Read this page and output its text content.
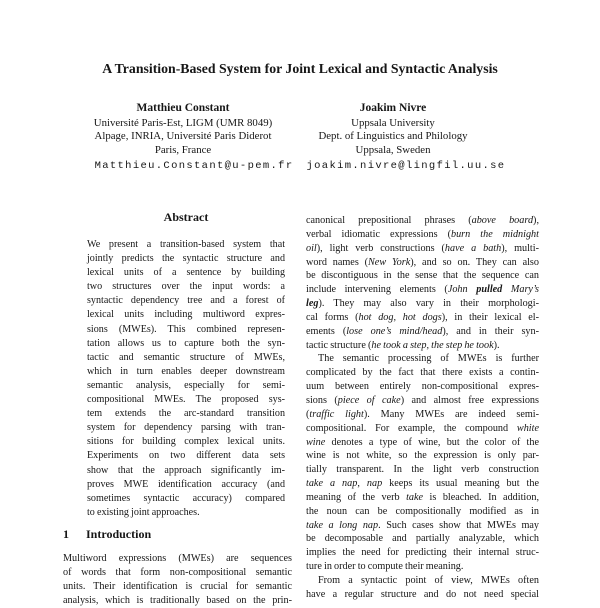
A Transition-Based System for Joint Lexical and Syntactic Analysis
Matthieu Constant
Université Paris-Est, LIGM (UMR 8049)
Alpage, INRIA, Université Paris Diderot
Paris, France
Joakim Nivre
Uppsala University
Dept. of Linguistics and Philology
Uppsala, Sweden
Matthieu.Constant@u-pem.fr joakim.nivre@lingfil.uu.se
Abstract
We present a transition-based system that
jointly predicts the syntactic structure and
lexical units of a sentence by building
two structures over the input words: a
syntactic dependency tree and a forest of
lexical units including multiword expres-
sions (MWEs). This combined represen-
tation allows us to capture both the syn-
tactic and semantic structure of MWEs,
which in turn enables deeper downstream
semantic analysis, especially for semi-
compositional MWEs. The proposed sys-
tem extends the arc-standard transition
system for dependency parsing with tran-
sitions for building complex lexical units.
Experiments on two different data sets
show that the approach significantly im-
proves MWE identification accuracy (and
sometimes syntactic accuracy) compared
to existing joint approaches.
1 Introduction
Multiword expressions (MWEs) are sequences
of words that form non-compositional semantic
units. Their identification is crucial for semantic
analysis, which is traditionally based on the prin-
canonical prepositional phrases (above board),
verbal idiomatic expressions (burn the midnight
oil), light verb constructions (have a bath), multi-
word names (New York), and so on. They can also
be discontiguous in the sense that the sequence can
include intervening elements (John pulled Mary’s
leg). They may also vary in their morphologi-
cal forms (hot dog, hot dogs), in their lexical el-
ements (lose one’s mind/head), and in their syn-
tactic structure (he took a step, the step he took).
The semantic processing of MWEs is further
complicated by the fact that there exists a contin-
uum between entirely non-compositional expres-
sions (piece of cake) and almost free expressions
(traffic light). Many MWEs are indeed semi-
compositional. For example, the compound white
wine denotes a type of wine, but the color of the
wine is not white, so the expression is only par-
tially transparent. In the light verb construction
take a nap, nap keeps its usual meaning but the
meaning of the verb take is bleached. In addition,
the noun can be compositionally modified as in
take a long nap. Such cases show that MWEs may
be decomposable and partially analyzable, which
implies the need for predicting their internal struc-
ture in order to compute their meaning.
From a syntactic point of view, MWEs often
have a regular structure and do not need special
